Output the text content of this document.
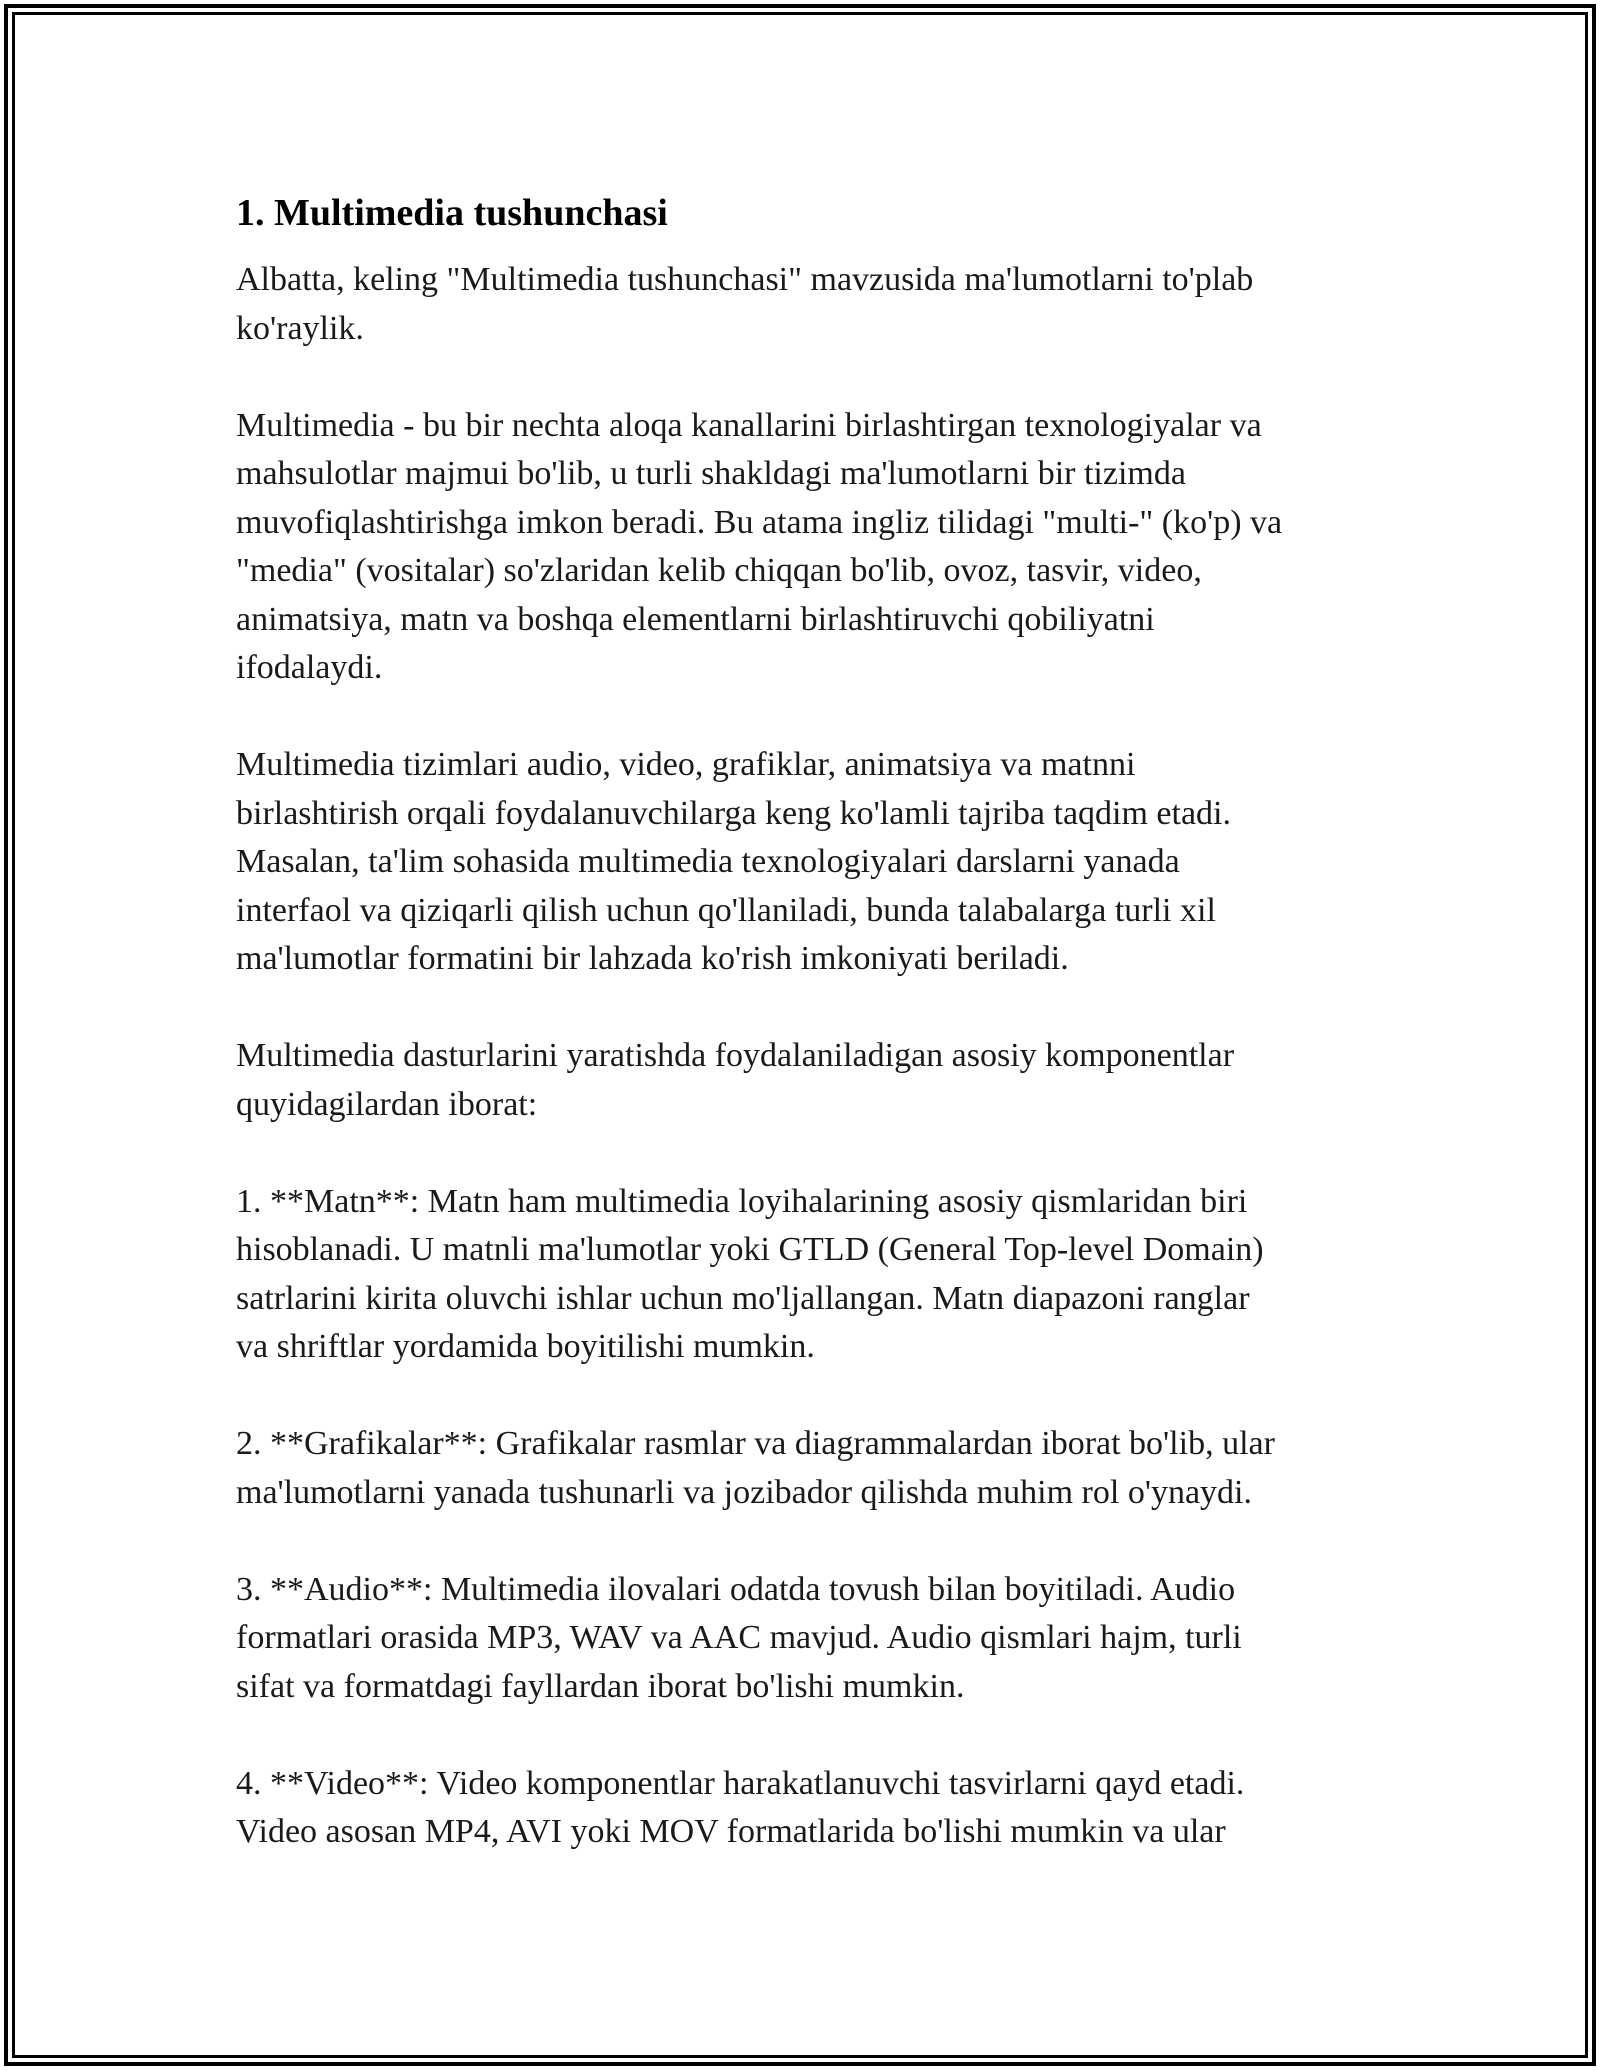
1. Multimedia tushunchasi

Albatta, keling "Multimedia tushunchasi" mavzusida ma'lumotlarni to'plab
ko'raylik.

Multimedia - bu bir nechta aloqa kanallarini birlashtirgan texnologiyalar va
mahsulotlar majmui bo'lib, u turli shakldagi ma'lumotlarni bir tizimda
muvofiqlashtirishga imkon beradi. Bu atama ingliz tilidagi "multi-" (ko'p) va
"media" (vositalar) so'zlaridan kelib chiqqan bo'lib, ovoz, tasvir, video,
animatsiya, matn va boshqa elementlarni birlashtiruvchi qobiliyatni
ifodalaydi.

Multimedia tizimlari audio, video, grafiklar, animatsiya va matnni
birlashtirish orqali foydalanuvchilarga keng ko'lamli tajriba taqdim etadi.
Masalan, ta'lim sohasida multimedia texnologiyalari darslarni yanada
interfaol va qiziqarli qilish uchun qo'llaniladi, bunda talabalarga turli xil
ma'lumotlar formatini bir lahzada ko'rish imkoniyati beriladi.

Multimedia dasturlarini yaratishda foydalaniladigan asosiy komponentlar
quyidagilardan iborat:

1. **Matn**: Matn ham multimedia loyihalarining asosiy qismlaridan biri
hisoblanadi. U matnli ma'lumotlar yoki GTLD (General Top-level Domain)
satrlarini kirita oluvchi ishlar uchun mo'ljallangan. Matn diapazoni ranglar
va shriftlar yordamida boyitilishi mumkin.

2. **Grafikalar**: Grafikalar rasmlar va diagrammalardan iborat bo'lib, ular
ma'lumotlarni yanada tushunarli va jozibador qilishda muhim rol o'ynaydi.

3. **Audio**: Multimedia ilovalari odatda tovush bilan boyitiladi. Audio
formatlari orasida MP3, WAV va AAC mavjud. Audio qismlari hajm, turli
sifat va formatdagi fayllardan iborat bo'lishi mumkin.

4. **Video**: Video komponentlar harakatlanuvchi tasvirlarni qayd etadi.
Video asosan MP4, AVI yoki MOV formatlarida bo'lishi mumkin va ular
